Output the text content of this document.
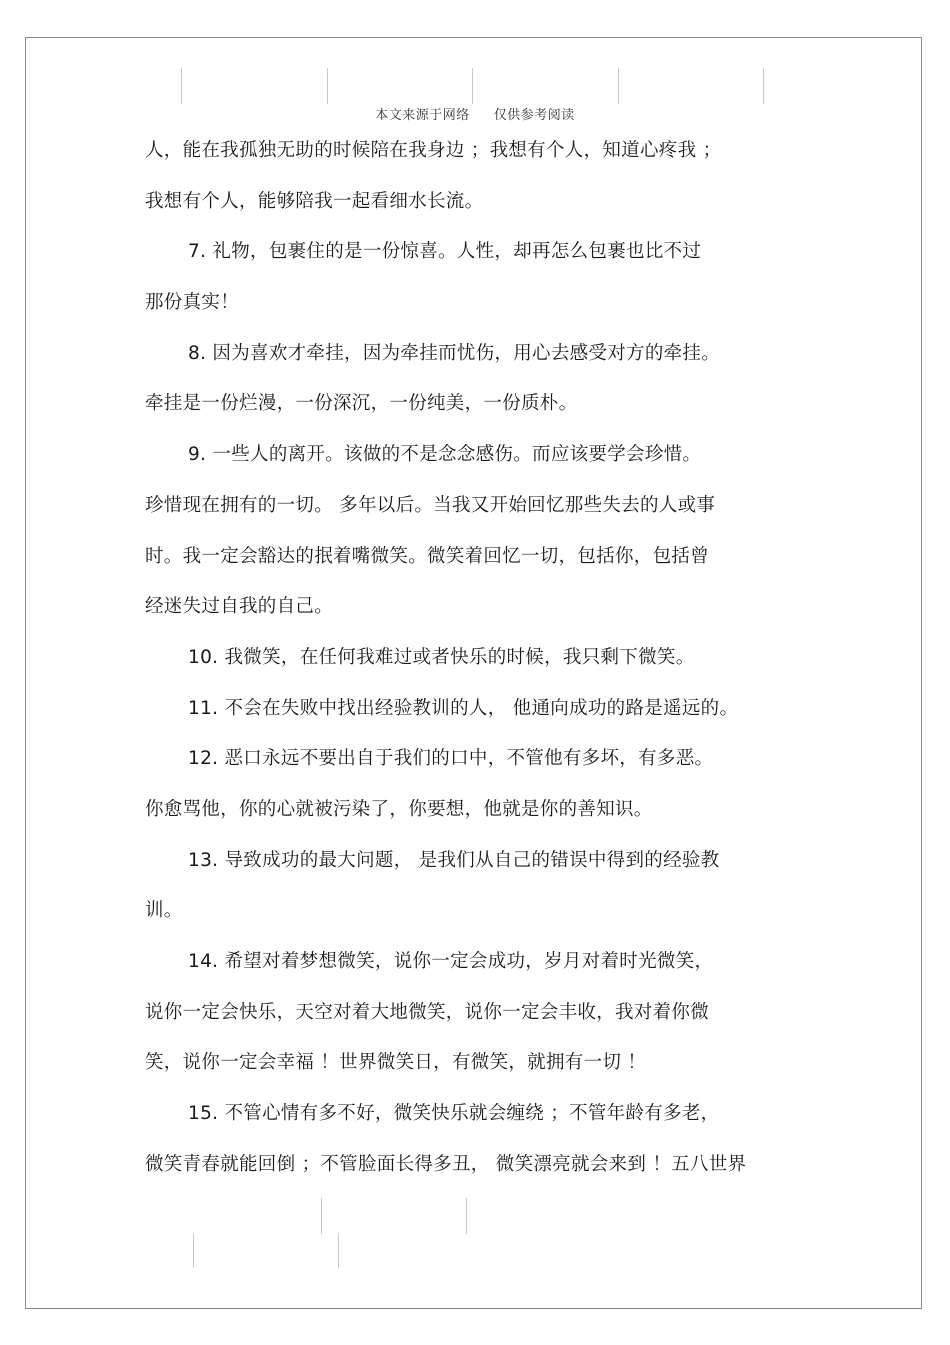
本文来源于网络 仅供参考阅读
人，能在我孤独无助的时候陪在我身边 ；我想有个人，知道心疼我 ；
我想有个人，能够陪我一起看细水长流。
7. 礼物，包裹住的是一份惊喜。人性，却再怎么包裹也比不过
那份真实！
8. 因为喜欢才牵挂，因为牵挂而忧伤，用心去感受对方的牵挂。
牵挂是一份烂漫，一份深沉，一份纯美，一份质朴。
9. 一些人的离开。该做的不是念念感伤。而应该要学会珍惜。
珍惜现在拥有的一切。 多年以后。当我又开始回忆那些失去的人或事
时。我一定会豁达的抿着嘴微笑。微笑着回忆一切，包括你，包括曾
经迷失过自我的自己。
10. 我微笑，在任何我难过或者快乐的时候，我只剩下微笑。
11. 不会在失败中找出经验教训的人， 他通向成功的路是遥远的。
12. 恶口永远不要出自于我们的口中，不管他有多坏，有多恶。
你愈骂他，你的心就被污染了，你要想，他就是你的善知识。
13. 导致成功的最大问题， 是我们从自己的错误中得到的经验教
训。
14. 希望对着梦想微笑，说你一定会成功，岁月对着时光微笑，
说你一定会快乐，天空对着大地微笑，说你一定会丰收，我对着你微
笑，说你一定会幸福 ！世界微笑日，有微笑，就拥有一切 ！
15. 不管心情有多不好，微笑快乐就会缠绕 ；不管年龄有多老，
微笑青春就能回倒 ；不管脸面长得多丑， 微笑漂亮就会来到 ！五八世界
